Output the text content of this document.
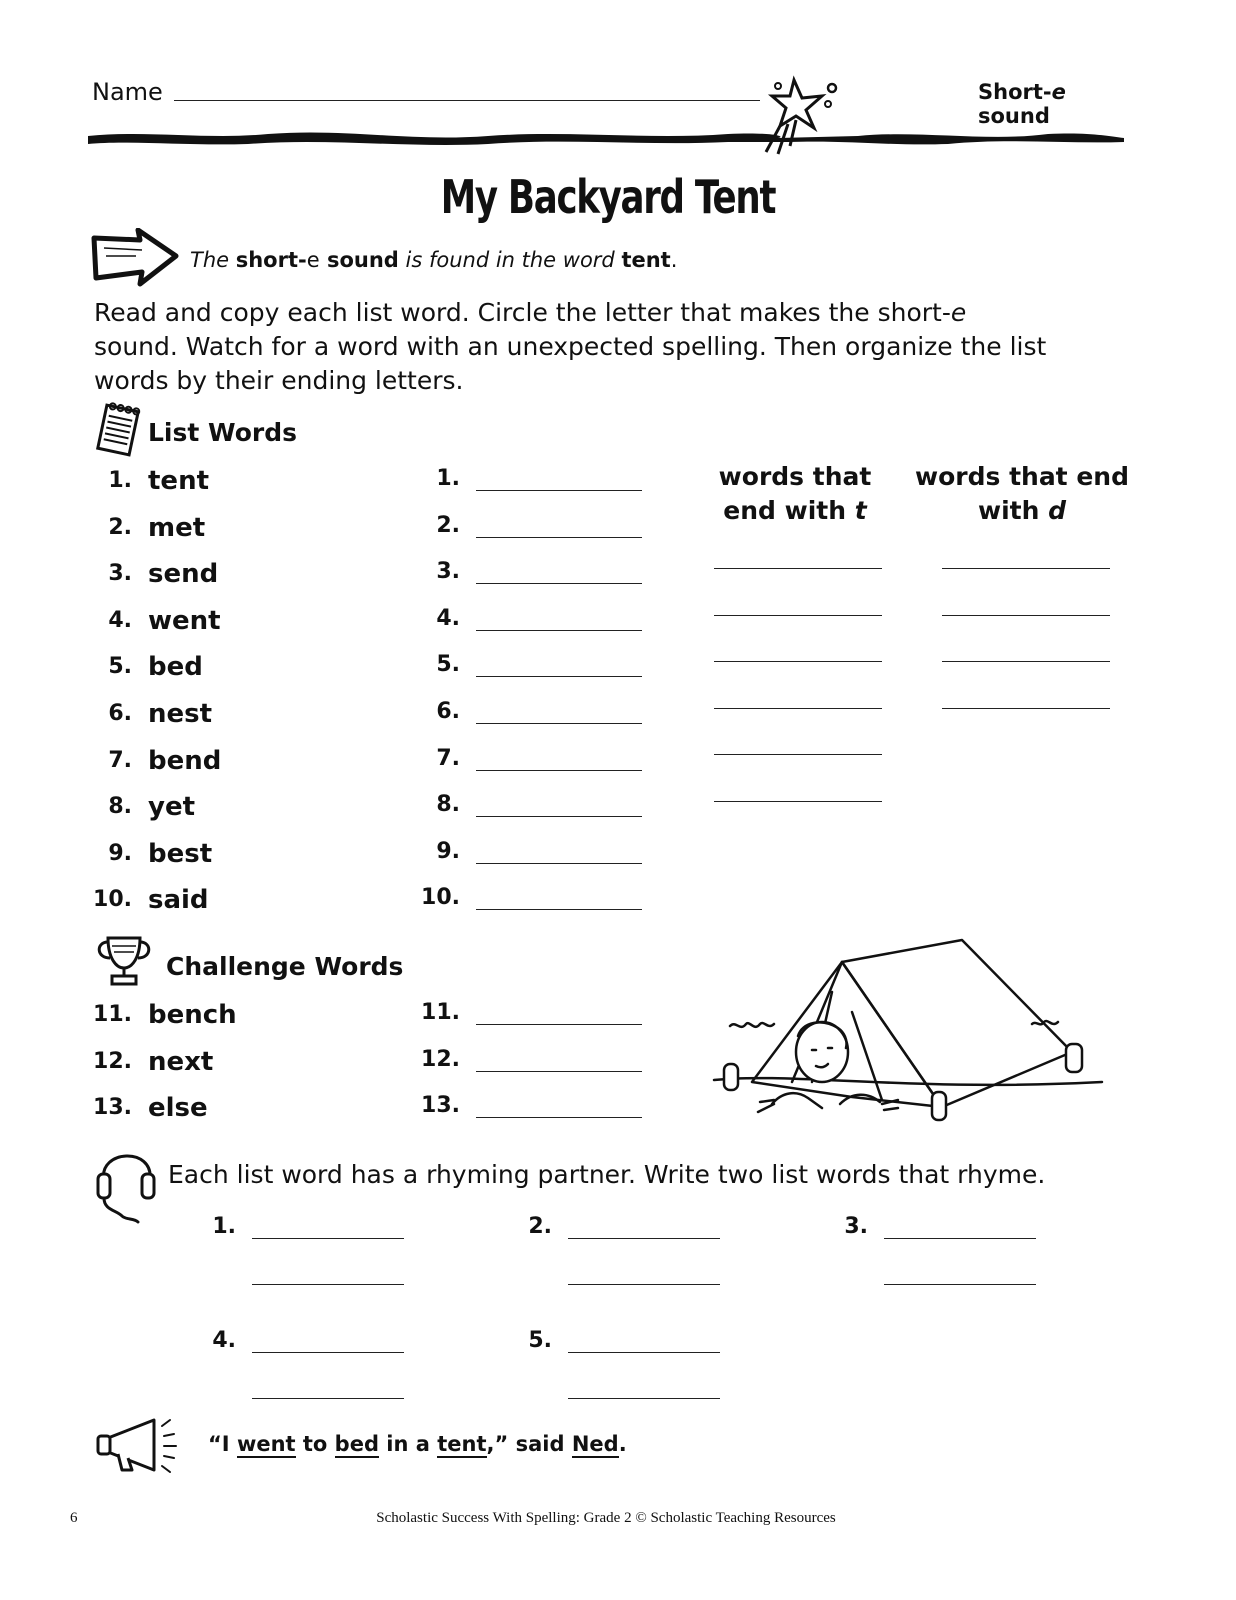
Name	Short-e sound
My Backyard Tent
The short-e sound is found in the word tent.
Read and copy each list word. Circle the letter that makes the short-e
sound. Watch for a word with an unexpected spelling. Then organize the list
words by their ending letters.
List Words
1. tent
2. met
3. send
4. went
5. bed
6. nest
7. bend
8. yet
9. best
10. said
1.
2.
3.
4.
5.
6.
7.
8.
9.
10.
11.
12.
13.
words that
end with t
words that end
with d
Challenge Words
11. bench
12. next
13. else
Each list word has a rhyming partner. Write two list words that rhyme.
1.	2.	3.
4.	5.
“I went to bed in a tent,” said Ned.
6	Scholastic Success With Spelling: Grade 2 © Scholastic Teaching Resources
